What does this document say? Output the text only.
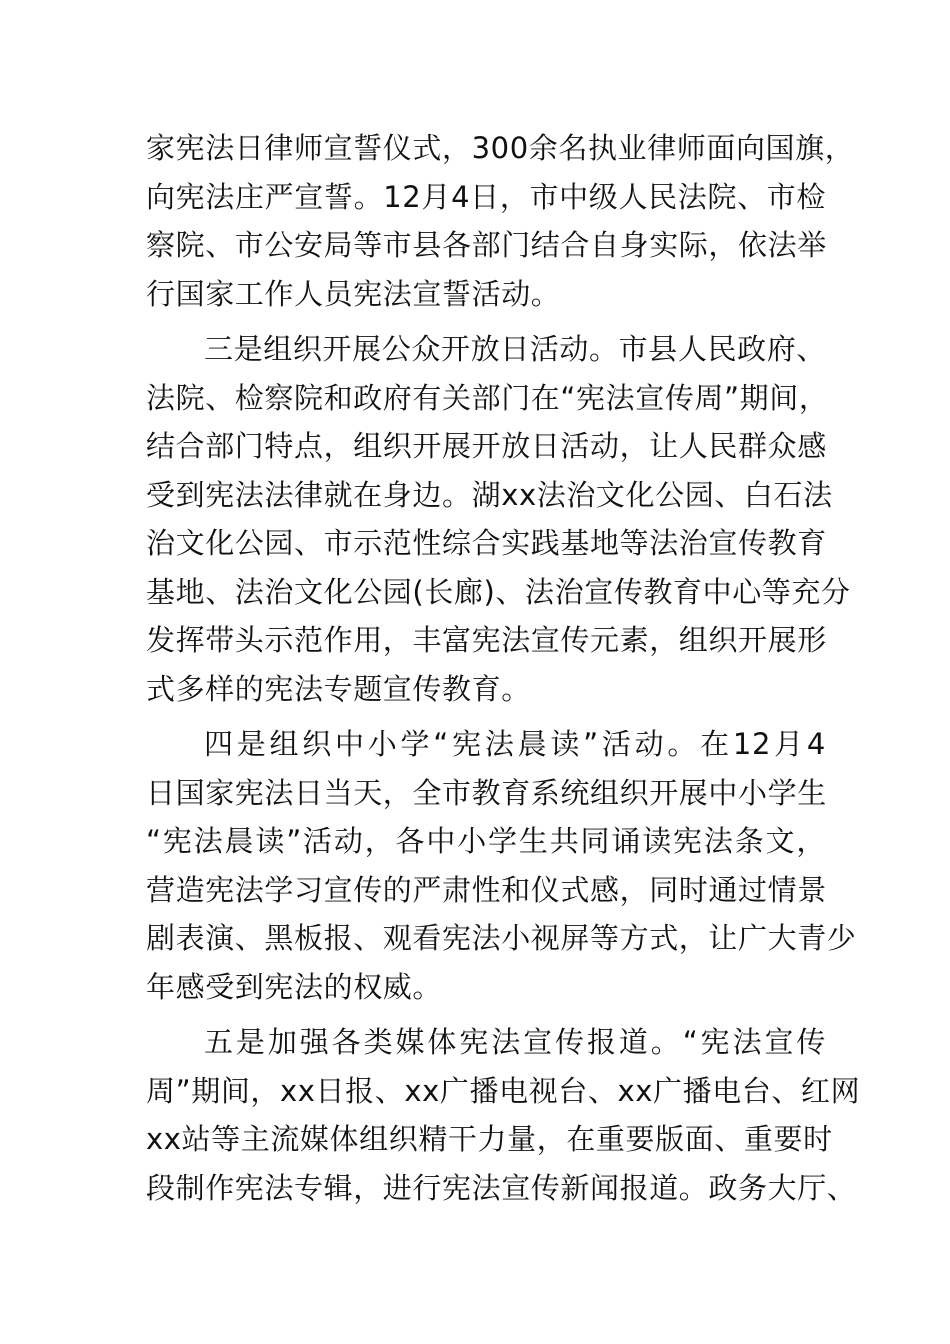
家宪法日律师宣誓仪式，300余名执业律师面向国旗，
向宪法庄严宣誓。12月4日，市中级人民法院、市检
察院、市公安局等市县各部门结合自身实际，依法举
行国家工作人员宪法宣誓活动。
三是组织开展公众开放日活动。市县人民政府、
法院、检察院和政府有关部门在“宪法宣传周”期间，
结合部门特点，组织开展开放日活动，让人民群众感
受到宪法法律就在身边。湖xx法治文化公园、白石法
治文化公园、市示范性综合实践基地等法治宣传教育
基地、法治文化公园(长廊)、法治宣传教育中心等充分
发挥带头示范作用，丰富宪法宣传元素，组织开展形
式多样的宪法专题宣传教育。
四是组织中小学“宪法晨读”活动。在12月4
日国家宪法日当天，全市教育系统组织开展中小学生
“宪法晨读”活动，各中小学生共同诵读宪法条文，
营造宪法学习宣传的严肃性和仪式感，同时通过情景
剧表演、黑板报、观看宪法小视屏等方式，让广大青少
年感受到宪法的权威。
五是加强各类媒体宪法宣传报道。“宪法宣传
周”期间，xx日报、xx广播电视台、xx广播电台、红网
xx站等主流媒体组织精干力量，在重要版面、重要时
段制作宪法专辑，进行宪法宣传新闻报道。政务大厅、
